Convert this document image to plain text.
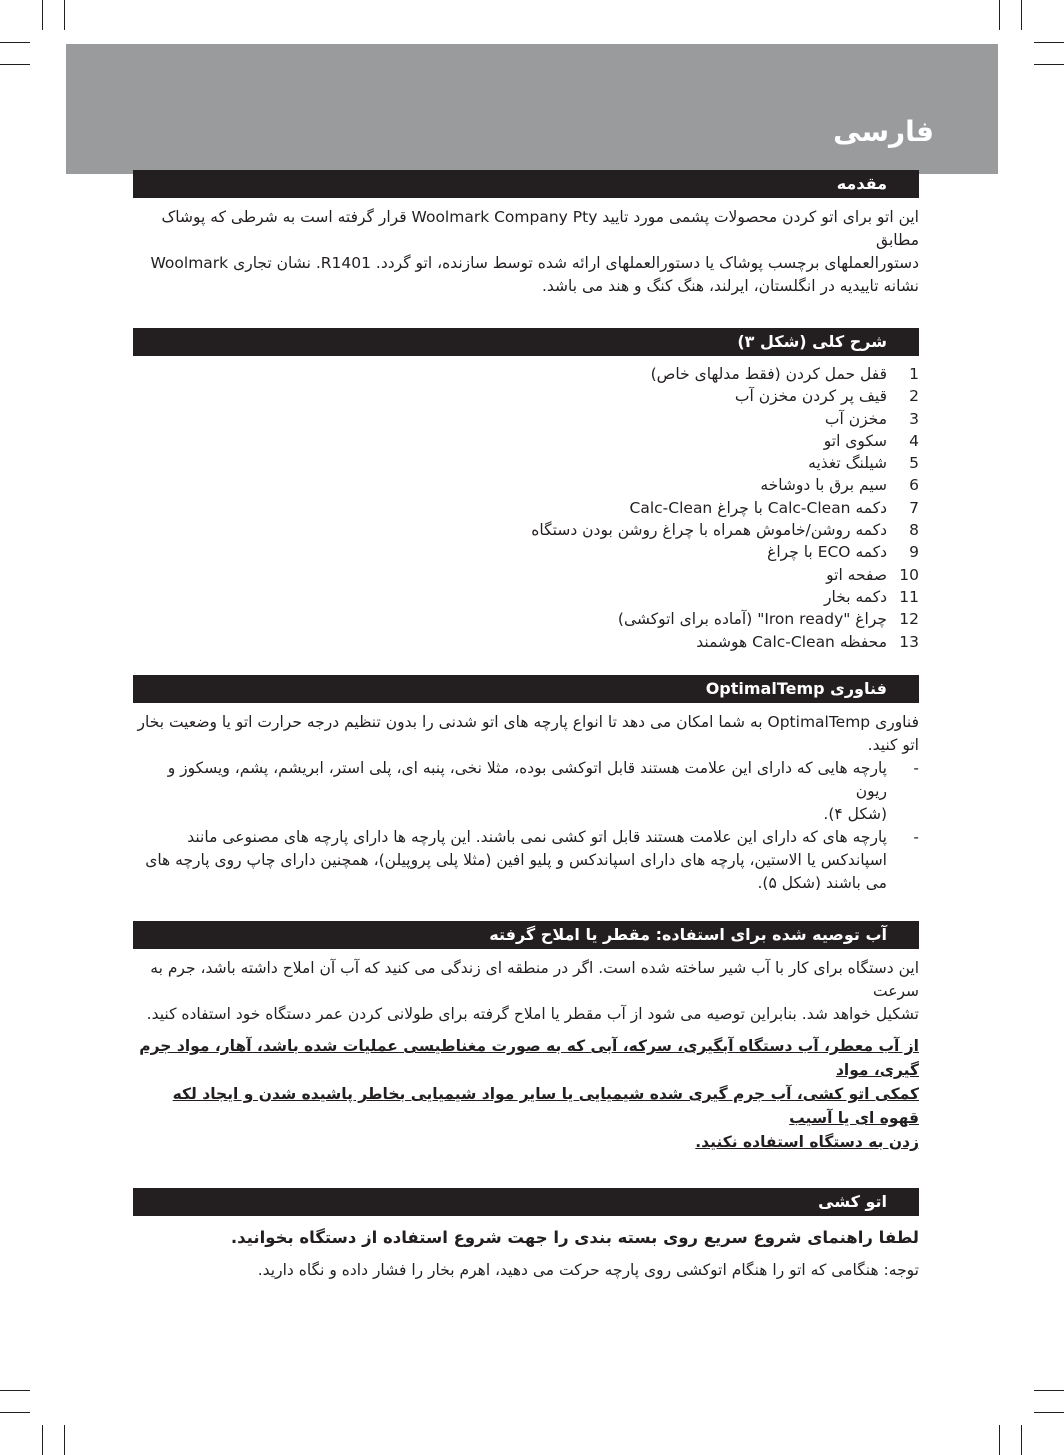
فارسی
مقدمه

این اتو برای اتو کردن محصولات پشمی مورد تایید Woolmark Company Pty قرار گرفته است به شرطی که پوشاک مطابق

دستورالعملهای برچسب پوشاک یا دستورالعملهای ارائه شده توسط سازنده، اتو گردد. R1401. نشان تجاری Woolmark

نشانه تاییدیه در انگلستان، ایرلند، هنگ کنگ و هند می باشد.

شرح کلی (شکل ۳)
1
قفل حمل کردن (فقط مدلهای خاص)
2
قیف پر کردن مخزن آب
3
مخزن آب
4
سکوی اتو
5
شیلنگ تغذیه
6
سیم برق با دوشاخه
7
دکمه Calc-Clean با چراغ Calc-Clean
8
دکمه روشن/خاموش همراه با چراغ روشن بودن دستگاه
9
دکمه ECO با چراغ
10
صفحه اتو
11
دکمه بخار
12
چراغ "Iron ready" (آماده برای اتوکشی)
13
محفظه Calc-Clean هوشمند
فناوری OptimalTemp

فناوری OptimalTemp به شما امکان می دهد تا انواع پارچه های اتو شدنی را بدون تنظیم درجه حرارت اتو یا وضعیت بخار

اتو کنید.

-
پارچه هایی که دارای این علامت هستند قابل اتوکشی بوده، مثلا نخی، پنبه ای، پلی استر، ابریشم، پشم، ویسکوز و ریون
(شکل ۴).
-
پارچه های که دارای این علامت هستند قابل اتو کشی نمی باشند. این پارچه ها دارای پارچه های مصنوعی مانند
اسپاندکس یا الاستین، پارچه های دارای اسپاندکس و پلیو افین (مثلا پلی پروپیلن)، همچنین دارای چاپ روی پارچه های
می باشند (شکل ۵).
آب توصیه شده برای استفاده: مقطر یا املاح گرفته

این دستگاه برای کار با آب شیر ساخته شده است. اگر در منطقه ای زندگی می کنید که آب آن املاح داشته باشد، جرم به سرعت

تشکیل خواهد شد. بنابراین توصیه می شود از آب مقطر یا املاح گرفته برای طولانی کردن عمر دستگاه خود استفاده کنید.

از آب معطر، آب دستگاه آبگیری، سرکه، آبی که به صورت مغناطیسی عملیات شده باشد، آهار، مواد جرم گیری، مواد
کمکی اتو کشی، آب جرم گیری شده شیمیایی یا سایر مواد شیمیایی بخاطر پاشیده شدن و ایجاد لکه قهوه ای یا آسیب
زدن به دستگاه استفاده نکنید.
اتو کشی
لطفا راهنمای شروع سریع روی بسته بندی را جهت شروع استفاده از دستگاه بخوانید.
توجه: هنگامی که اتو را هنگام اتوکشی روی پارچه حرکت می دهید، اهرم بخار را فشار داده و نگاه دارید.
